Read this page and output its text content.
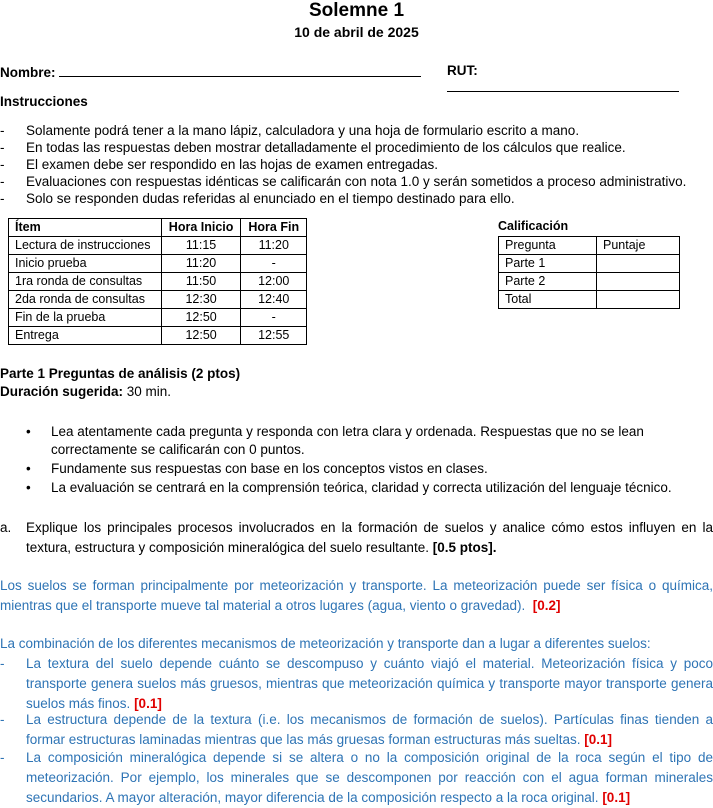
Solemne 1
10 de abril de 2025
Nombre:	RUT:
Instrucciones
- Solamente podrá tener a la mano lápiz, calculadora y una hoja de formulario escrito a mano.
- En todas las respuestas deben mostrar detalladamente el procedimiento de los cálculos que realice.
- El examen debe ser respondido en las hojas de examen entregadas.
- Evaluaciones con respuestas idénticas se calificarán con nota 1.0 y serán sometidos a proceso administrativo.
- Solo se responden dudas referidas al enunciado en el tiempo destinado para ello.
Ítem	Hora Inicio	Hora Fin
Lectura de instrucciones	11:15	11:20
Inicio prueba	11:20	-
1ra ronda de consultas	11:50	12:00
2da ronda de consultas	12:30	12:40
Fin de la prueba	12:50	-
Entrega	12:50	12:55
Calificación
Pregunta	Puntaje
Parte 1	
Parte 2	
Total	
Parte 1 Preguntas de análisis (2 ptos)
Duración sugerida: 30 min.
• Lea atentamente cada pregunta y responda con letra clara y ordenada. Respuestas que no se lean correctamente se calificarán con 0 puntos.
• Fundamente sus respuestas con base en los conceptos vistos en clases.
• La evaluación se centrará en la comprensión teórica, claridad y correcta utilización del lenguaje técnico.
a. Explique los principales procesos involucrados en la formación de suelos y analice cómo estos influyen en la textura, estructura y composición mineralógica del suelo resultante. [0.5 ptos].
Los suelos se forman principalmente por meteorización y transporte. La meteorización puede ser física o química, mientras que el transporte mueve tal material a otros lugares (agua, viento o gravedad). [0.2]
La combinación de los diferentes mecanismos de meteorización y transporte dan a lugar a diferentes suelos:
- La textura del suelo depende cuánto se descompuso y cuánto viajó el material. Meteorización física y poco transporte genera suelos más gruesos, mientras que meteorización química y transporte mayor transporte genera suelos más finos. [0.1]
- La estructura depende de la textura (i.e. los mecanismos de formación de suelos). Partículas finas tienden a formar estructuras laminadas mientras que las más gruesas forman estructuras más sueltas. [0.1]
- La composición mineralógica depende si se altera o no la composición original de la roca según el tipo de meteorización. Por ejemplo, los minerales que se descomponen por reacción con el agua forman minerales secundarios. A mayor alteración, mayor diferencia de la composición respecto a la roca original. [0.1]
